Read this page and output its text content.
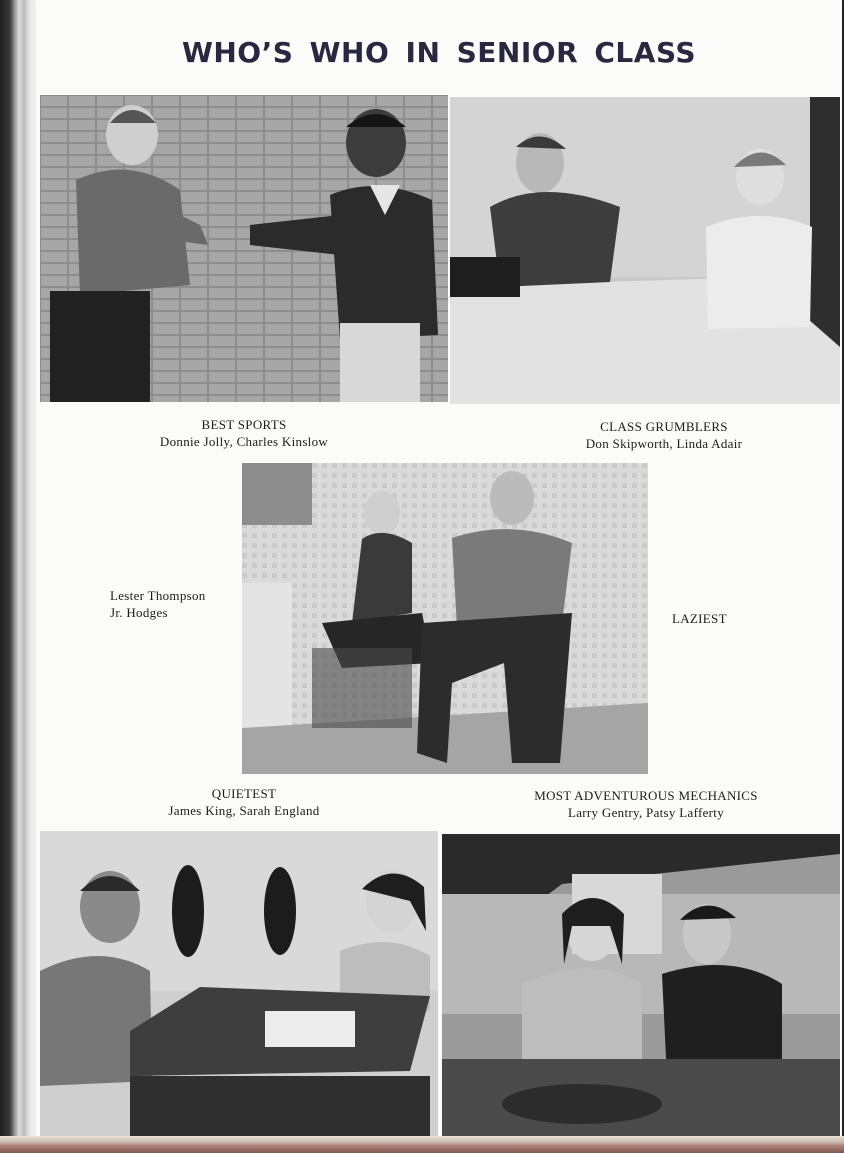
WHO’S WHO IN SENIOR CLASS
BEST SPORTS
Donnie Jolly, Charles Kinslow
CLASS GRUMBLERS
Don Skipworth, Linda Adair
Lester Thompson
Jr. Hodges	LAZIEST
QUIETEST
James King, Sarah England
MOST ADVENTUROUS MECHANICS
Larry Gentry, Patsy Lafferty
